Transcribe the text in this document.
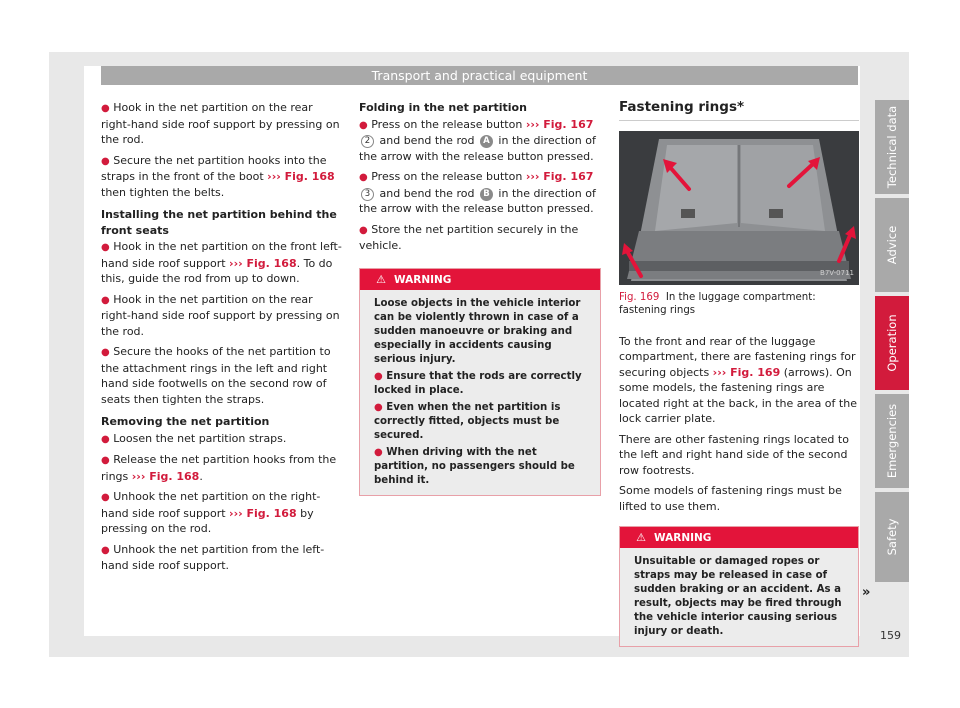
Transport and practical equipment

● Hook in the net partition on the rear right-hand side roof support by pressing on the rod.

● Secure the net partition hooks into the straps in the front of the boot ››› Fig. 168 then tighten the belts.

Installing the net partition behind the front seats

● Hook in the net partition on the front left-hand side roof support ››› Fig. 168. To do this, guide the rod from up to down.

● Hook in the net partition on the rear right-hand side roof support by pressing on the rod.

● Secure the hooks of the net partition to the attachment rings in the left and right hand side footwells on the second row of seats then tighten the straps.

Removing the net partition

● Loosen the net partition straps.

● Release the net partition hooks from the rings ››› Fig. 168.

● Unhook the net partition on the right-hand side roof support ››› Fig. 168 by pressing on the rod.

● Unhook the net partition from the left-hand side roof support.

Folding in the net partition

● Press on the release button ››› Fig. 167 2 and bend the rod A in the direction of the arrow with the release button pressed.

● Press on the release button ››› Fig. 167 3 and bend the rod B in the direction of the arrow with the release button pressed.

● Store the net partition securely in the vehicle.

⚠ WARNING

Loose objects in the vehicle interior can be violently thrown in case of a sudden manoeuvre or braking and especially in accidents causing serious injury.

● Ensure that the rods are correctly locked in place.

● Even when the net partition is correctly fitted, objects must be secured.

● When driving with the net partition, no passengers should be behind it.

Fastening rings*
B7V-0711
Fig. 169 In the luggage compartment: fastening rings

To the front and rear of the luggage compartment, there are fastening rings for securing objects ››› Fig. 169 (arrows). On some models, the fastening rings are located right at the back, in the area of the lock carrier plate.

There are other fastening rings located to the left and right hand side of the second row footrests.

Some models of fastening rings must be lifted to use them.

⚠ WARNING

Unsuitable or damaged ropes or straps may be released in case of sudden braking or an accident. As a result, objects may be fired through the vehicle interior causing serious injury or death.

»
Technical data
Advice
Operation
Emergencies
Safety
159
